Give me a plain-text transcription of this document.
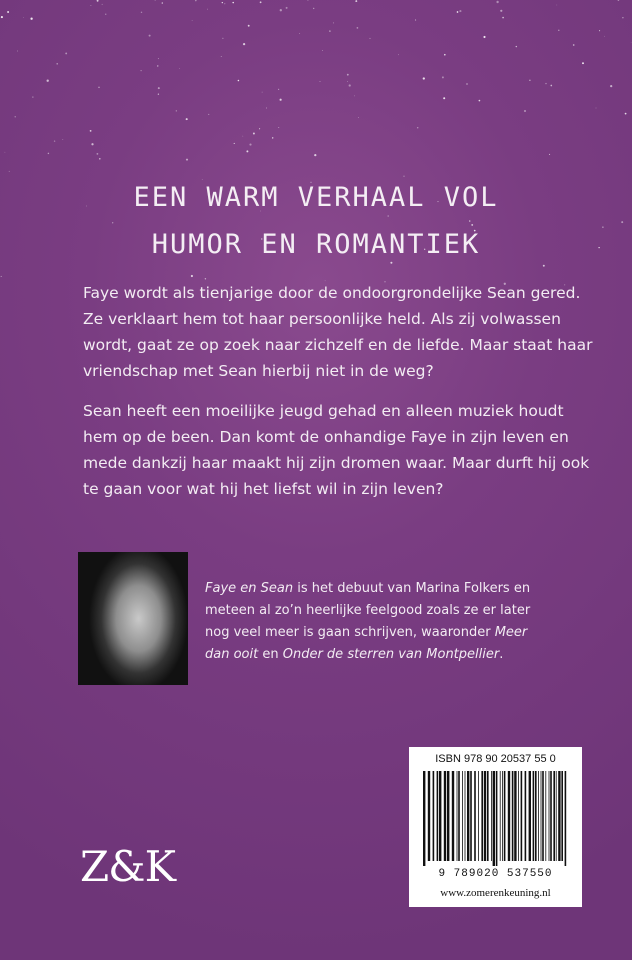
EEN WARM VERHAAL VOL
HUMOR EN ROMANTIEK

Faye wordt als tienjarige door de ondoorgrondelijke Sean gered.
Ze verklaart hem tot haar persoonlijke held. Als zij volwassen
wordt, gaat ze op zoek naar zichzelf en de liefde. Maar staat haar
vriendschap met Sean hierbij niet in de weg?

Sean heeft een moeilijke jeugd gehad en alleen muziek houdt
hem op de been. Dan komt de onhandige Faye in zijn leven en
mede dankzij haar maakt hij zijn dromen waar. Maar durft hij ook
te gaan voor wat hij het liefst wil in zijn leven?

Faye en Sean is het debuut van Marina Folkers en
meteen al zo’n heerlijke feelgood zoals ze er later
nog veel meer is gaan schrijven, waaronder Meer
dan ooit en Onder de sterren van Montpellier.
Z&K
ISBN 978 90 20537 55 0
9 789020 537550
www.zomerenkeuning.nl
